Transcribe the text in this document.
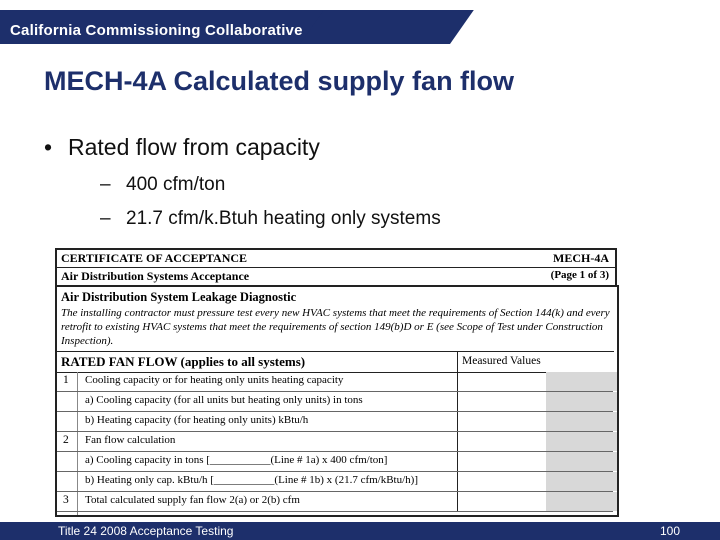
California Commissioning Collaborative
MECH-4A Calculated supply fan flow
• Rated flow from capacity
– 400 cfm/ton
– 21.7 cfm/k.Btuh heating only systems
CERTIFICATE OF ACCEPTANCE	MECH-4A
Air Distribution Systems Acceptance	(Page 1 of 3)
Air Distribution System Leakage Diagnostic
The installing contractor must pressure test every new HVAC systems that meet the requirements of Section 144(k) and every retrofit to existing HVAC systems that meet the requirements of section 149(b)D or E (see Scope of Test under Construction Inspection).
RATED FAN FLOW (applies to all systems)	Measured Values
1 Cooling capacity or for heating only units heating capacity
a) Cooling capacity (for all units but heating only units) in tons
b) Heating capacity (for heating only units) kBtu/h
2 Fan flow calculation
a) Cooling capacity in tons [___________(Line # 1a) x 400 cfm/ton]
b) Heating only cap. kBtu/h [___________(Line # 1b) x (21.7 cfm/kBtu/h)]
3 Total calculated supply fan flow 2(a) or 2(b) cfm
Title 24 2008 Acceptance Testing	100
